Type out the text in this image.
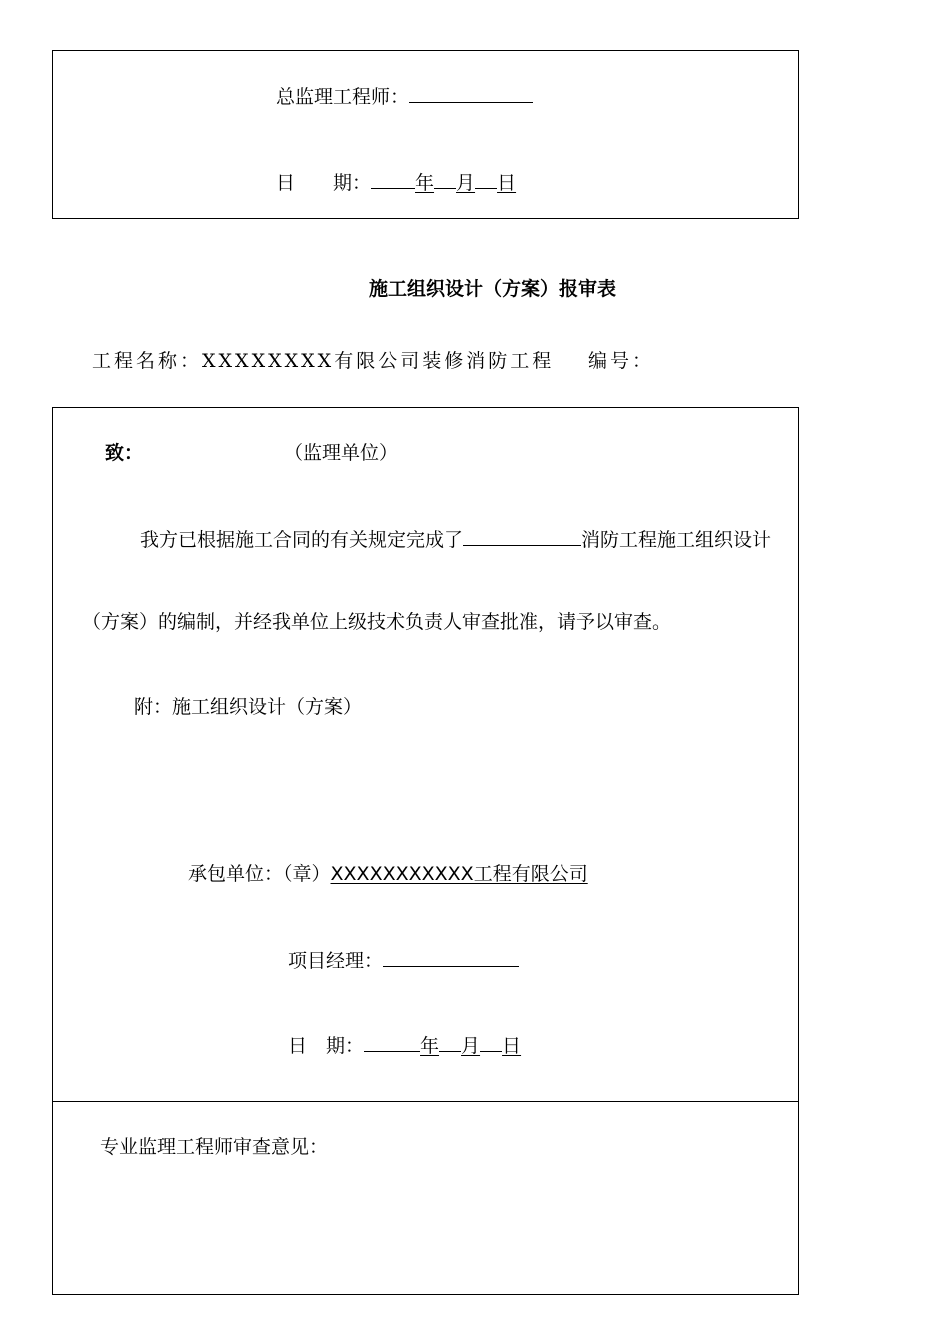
总监理工程师：
日　　期： 年 月 日
施工组织设计（方案）报审表
工程名称：XXXXXXXX有限公司装修消防工程 编号：
致：	（监理单位）
我方已根据施工合同的有关规定完成了	消防工程施工组织设计
（方案）的编制，并经我单位上级技术负责人审查批准，请予以审查。
附：施工组织设计（方案）
承包单位：（章）XXXXXXXXXXX工程有限公司
项目经理：
日　期：	年 月 日
专业监理工程师审查意见：
